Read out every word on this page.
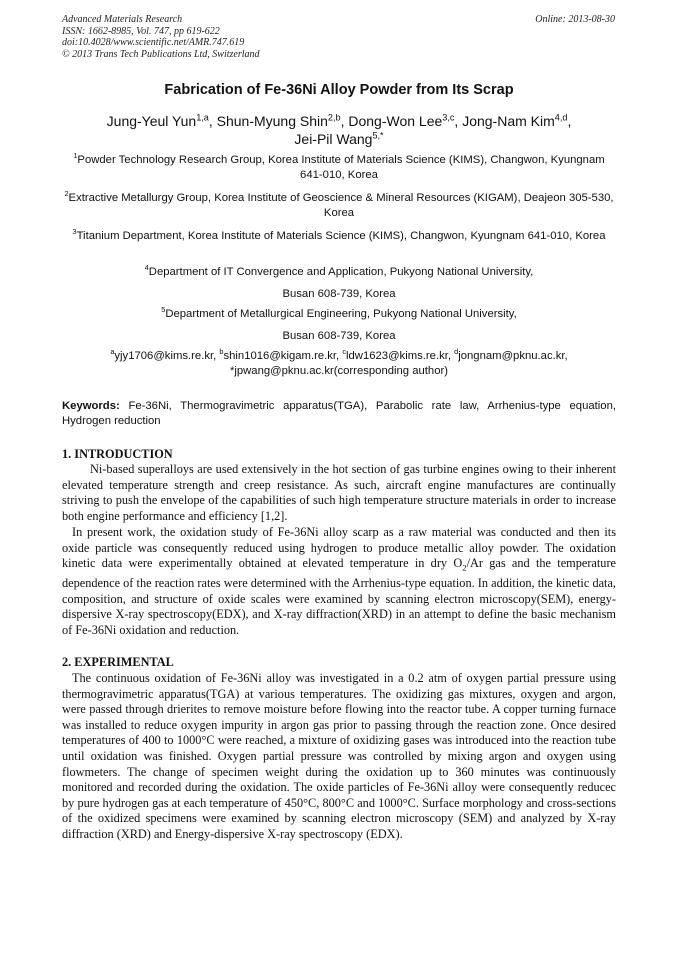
Advanced Materials Research
ISSN: 1662-8985, Vol. 747, pp 619-622
doi:10.4028/www.scientific.net/AMR.747.619
© 2013 Trans Tech Publications Ltd, Switzerland
Online: 2013-08-30
Fabrication of Fe-36Ni Alloy Powder from Its Scrap
Jung-Yeul Yun$^{1,a}$, Shun-Myung Shin$^{2,b}$, Dong-Won Lee$^{3,c}$, Jong-Nam Kim$^{4,d}$,
Jei-Pil Wang$^{5,*}$
$^1$Powder Technology Research Group, Korea Institute of Materials Science (KIMS), Changwon, Kyungnam 641-010, Korea
$^2$Extractive Metallurgy Group, Korea Institute of Geoscience & Mineral Resources (KIGAM), Deajeon 305-530, Korea
$^3$Titanium Department, Korea Institute of Materials Science (KIMS), Changwon, Kyungnam 641-010, Korea
$^4$Department of IT Convergence and Application, Pukyong National University,
Busan 608-739, Korea
$^5$Department of Metallurgical Engineering, Pukyong National University,
Busan 608-739, Korea
$^a$yjy1706@kims.re.kr, $^b$shin1016@kigam.re.kr, $^c$ldw1623@kims.re.kr, $^d$jongnam@pknu.ac.kr,
*jpwang@pknu.ac.kr(corresponding author)
Keywords: Fe-36Ni, Thermogravimetric apparatus(TGA), Parabolic rate law, Arrhenius-type equation, Hydrogen reduction
1. INTRODUCTION

Ni-based superalloys are used extensively in the hot section of gas turbine engines owing to their inherent elevated temperature strength and creep resistance. As such, aircraft engine manufactures are continually striving to push the envelope of the capabilities of such high temperature structure materials in order to increase both engine performance and efficiency [1,2].

In present work, the oxidation study of Fe-36Ni alloy scarp as a raw material was conducted and then its oxide particle was consequently reduced using hydrogen to produce metallic alloy powder. The oxidation kinetic data were experimentally obtained at elevated temperature in dry $O_2/Ar$ gas and the temperature dependence of the reaction rates were determined with the Arrhenius-type equation. In addition, the kinetic data, composition, and structure of oxide scales were examined by scanning electron microscopy(SEM), energy-dispersive X-ray spectroscopy(EDX), and X-ray diffraction(XRD) in an attempt to define the basic mechanism of Fe-36Ni oxidation and reduction.

2. EXPERIMENTAL

The continuous oxidation of Fe-36Ni alloy was investigated in a 0.2 atm of oxygen partial pressure using thermogravimetric apparatus(TGA) at various temperatures. The oxidizing gas mixtures, oxygen and argon, were passed through drierites to remove moisture before flowing into the reactor tube. A copper turning furnace was installed to reduce oxygen impurity in argon gas prior to passing through the reaction zone. Once desired temperatures of 400 to 1000°C were reached, a mixture of oxidizing gases was introduced into the reaction tube until oxidation was finished. Oxygen partial pressure was controlled by mixing argon and oxygen using flowmeters. The change of specimen weight during the oxidation up to 360 minutes was continuously monitored and recorded during the oxidation. The oxide particles of Fe-36Ni alloy were consequently reducec by pure hydrogen gas at each temperature of 450°C, 800°C and 1000°C. Surface morphology and cross-sections of the oxidized specimens were examined by scanning electron microscopy (SEM) and analyzed by X-ray diffraction (XRD) and Energy-dispersive X-ray spectroscopy (EDX).
